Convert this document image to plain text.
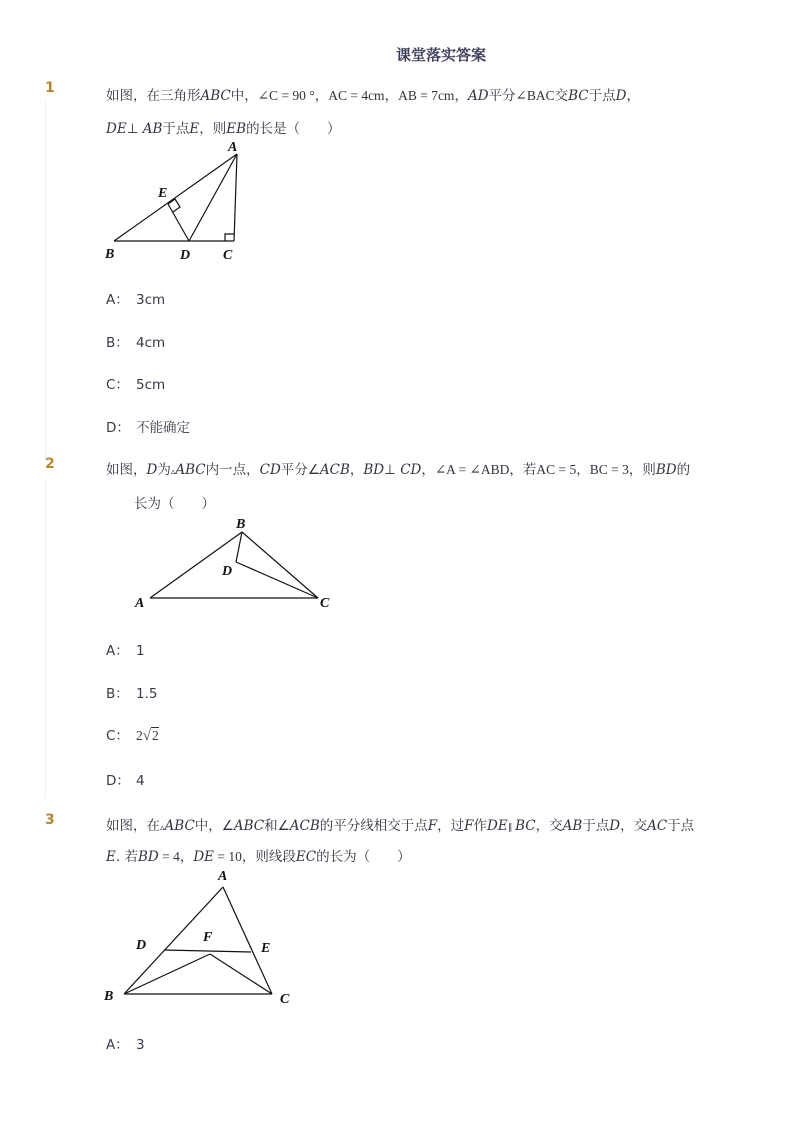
课堂落实答案
1	如图，在三角形ABC中，∠C = 90 °，AC = 4cm，AB = 7cm，AD平分∠BAC交BC于点D，
DE⊥ AB于点E，则EB的长是（　　）
A
E
B	D C
A： 3cm
B： 4cm
C： 5cm
D： 不能确定
2	如图，D为▵ABC内一点，CD平分∠ACB，BD⊥ CD，∠A = ∠ABD，若AC = 5，BC = 3，则BD的
长为（　　）
B
D
A	C
A： 1
B： 1.5
C： 2√2
D： 4
3	如图，在▵ABC中，∠ABC和∠ACB的平分线相交于点F，过F作DE∥ BC，交AB于点D，交AC于点
E. 若BD = 4，DE = 10，则线段EC的长为（　　）
A
D
F
E
B	C
A： 3
